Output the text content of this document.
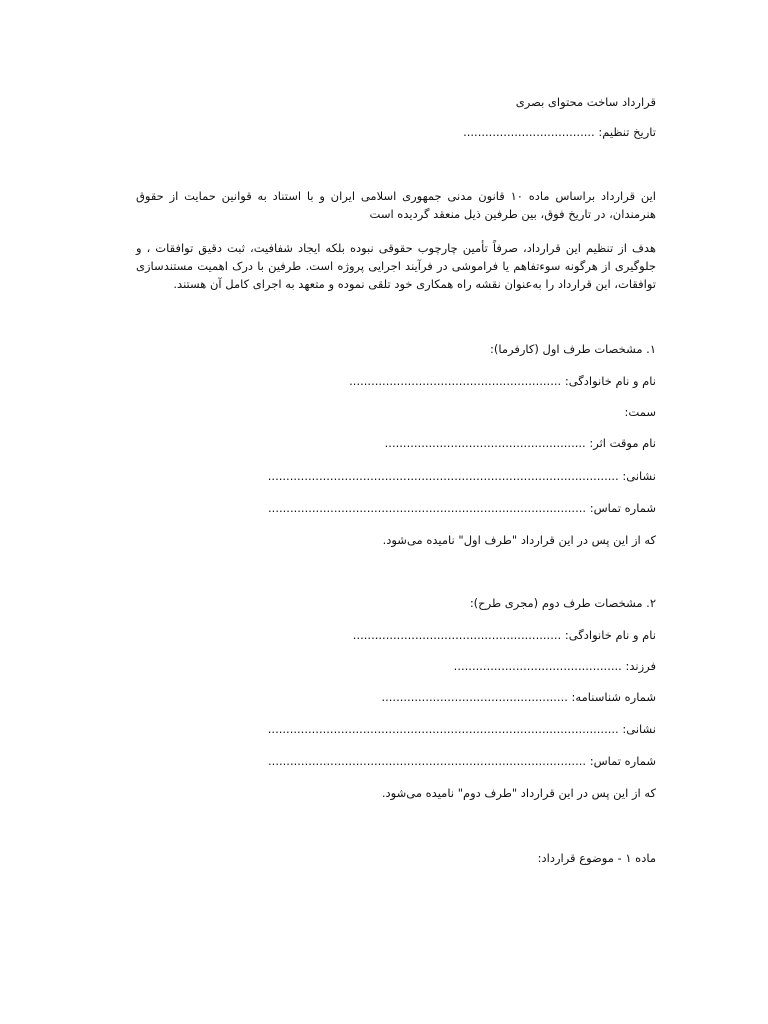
قرارداد ساخت محتوای بصری
تاریخ تنظیم: ....................................
این قرارداد براساس ماده ۱۰ قانون مدنی جمهوری اسلامی ایران و با استناد به قوانین حمایت از حقوق هنرمندان، در تاریخ فوق، بین طرفین ذیل منعقد گردیده است
هدف از تنظیم این قرارداد، صرفاً تأمین چارچوب حقوقی نبوده بلکه ایجاد شفافیت، ثبت دقیق توافقات ، و جلوگیری از هرگونه سوءتفاهم یا فراموشی در فرآیند اجرایی پروژه است. طرفین با درک اهمیت مستندسازی توافقات، این قرارداد را به‌عنوان نقشه راه همکاری خود تلقی نموده و متعهد به اجرای کامل آن هستند.
۱. مشخصات طرف اول (کارفرما):
نام و نام خانوادگی: ..........................................................
سمت:
نام موقت اثر: .......................................................
نشانی: ................................................................................................
شماره تماس: .......................................................................................
که از این پس در این قرارداد "طرف اول" نامیده می‌شود.
۲. مشخصات طرف دوم (مجری طرح):
نام و نام خانوادگی: .........................................................
فرزند: ..............................................
شماره شناسنامه: ...................................................
نشانی: ................................................................................................
شماره تماس: .......................................................................................
که از این پس در این قرارداد "طرف دوم" نامیده می‌شود.
ماده ۱ - موضوع قرارداد:
